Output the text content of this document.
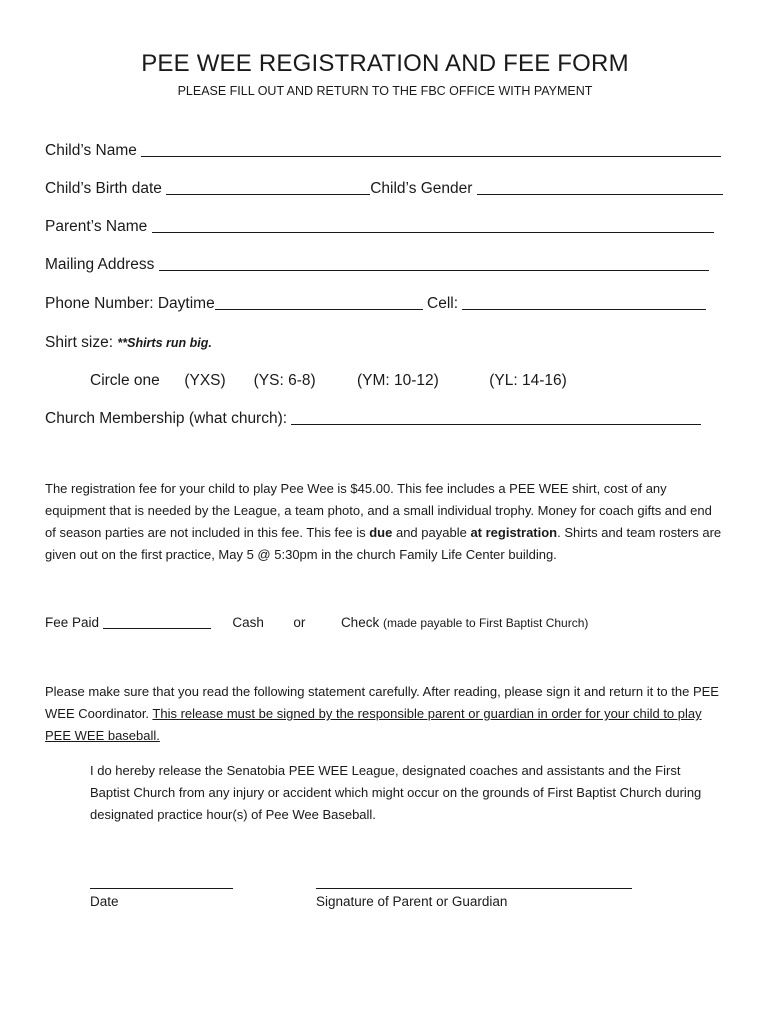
PEE WEE REGISTRATION AND FEE FORM

PLEASE FILL OUT AND RETURN TO THE FBC OFFICE WITH PAYMENT

Child’s Name
Child’s Birth date	Child’s Gender
Parent’s Name
Mailing Address
Phone Number: Daytime	Cell:
Shirt size: **Shirts run big.
Circle one (YXS) (YS: 6-8)	(YM: 10-12)	(YL: 14-16)
Church Membership (what church):

The registration fee for your child to play Pee Wee is $45.00. This fee includes a PEE WEE shirt, cost of any equipment that is needed by the League, a team photo, and a small individual trophy. Money for coach gifts and end of season parties are not included in this fee. This fee is due and payable at registration. Shirts and team rosters are given out on the first practice, May 5 @ 5:30pm in the church Family Life Center building.

Fee Paid	Cash or	Check (made payable to First Baptist Church)

Please make sure that you read the following statement carefully. After reading, please sign it and return it to the PEE WEE Coordinator. This release must be signed by the responsible parent or guardian in order for your child to play PEE WEE baseball.

I do hereby release the Senatobia PEE WEE League, designated coaches and assistants and the First Baptist Church from any injury or accident which might occur on the grounds of First Baptist Church during designated practice hour(s) of Pee Wee Baseball.

Date	Signature of Parent or Guardian
